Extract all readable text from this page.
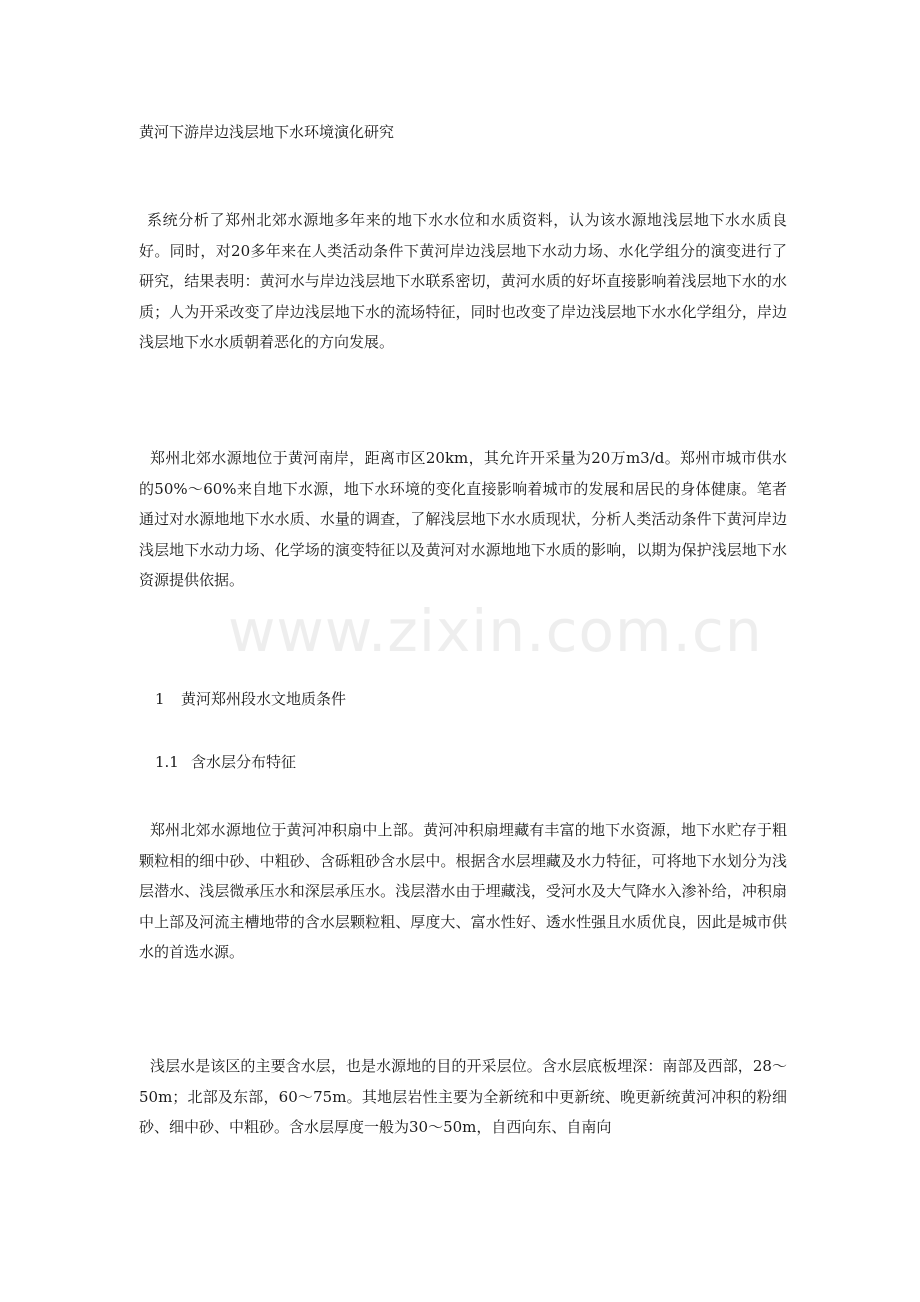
黄河下游岸边浅层地下水环境演化研究

系统分析了郑州北郊水源地多年来的地下水水位和水质资料，认为该水源地浅层地下水水质良好。同时，对20多年来在人类活动条件下黄河岸边浅层地下水动力场、水化学组分的演变进行了研究，结果表明：黄河水与岸边浅层地下水联系密切，黄河水质的好坏直接影响着浅层地下水的水质；人为开采改变了岸边浅层地下水的流场特征，同时也改变了岸边浅层地下水水化学组分，岸边浅层地下水水质朝着恶化的方向发展。

郑州北郊水源地位于黄河南岸，距离市区20km，其允许开采量为20万m3/d。郑州市城市供水的50%～60%来自地下水源，地下水环境的变化直接影响着城市的发展和居民的身体健康。笔者通过对水源地地下水水质、水量的调查，了解浅层地下水水质现状，分析人类活动条件下黄河岸边浅层地下水动力场、化学场的演变特征以及黄河对水源地地下水质的影响，以期为保护浅层地下水资源提供依据。

1 黄河郑州段水文地质条件
1.1 含水层分布特征

郑州北郊水源地位于黄河冲积扇中上部。黄河冲积扇埋藏有丰富的地下水资源，地下水贮存于粗颗粒相的细中砂、中粗砂、含砾粗砂含水层中。根据含水层埋藏及水力特征，可将地下水划分为浅层潜水、浅层微承压水和深层承压水。浅层潜水由于埋藏浅，受河水及大气降水入渗补给，冲积扇中上部及河流主槽地带的含水层颗粒粗、厚度大、富水性好、透水性强且水质优良，因此是城市供水的首选水源。

浅层水是该区的主要含水层，也是水源地的目的开采层位。含水层底板埋深：南部及西部，28～50m；北部及东部，60～75m。其地层岩性主要为全新统和中更新统、晚更新统黄河冲积的粉细砂、细中砂、中粗砂。含水层厚度一般为30～50m，自西向东、自南向

www.zixin.com.cn
